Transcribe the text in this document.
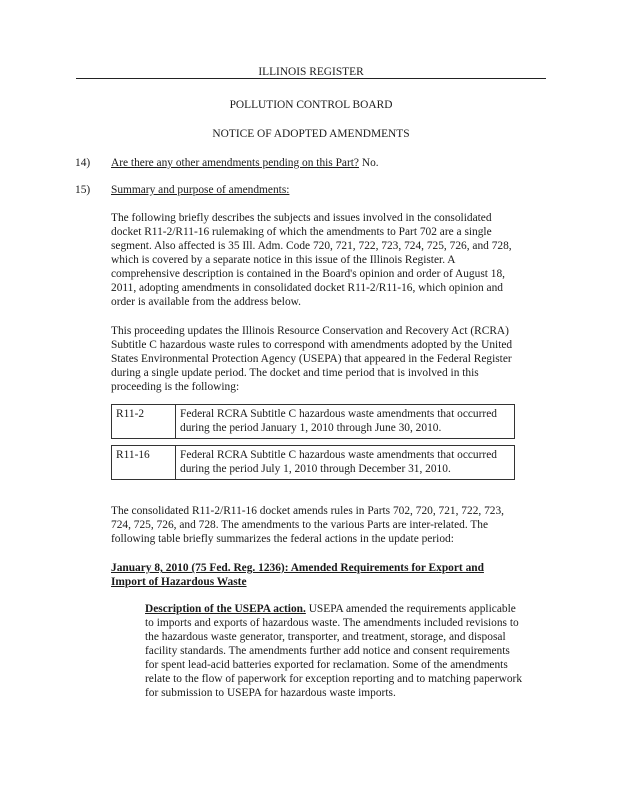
ILLINOIS REGISTER
POLLUTION CONTROL BOARD
NOTICE OF ADOPTED AMENDMENTS
14)	Are there any other amendments pending on this Part? No.
15)	Summary and purpose of amendments:

The following briefly describes the subjects and issues involved in the consolidated docket R11-2/R11-16 rulemaking of which the amendments to Part 702 are a single segment. Also affected is 35 Ill. Adm. Code 720, 721, 722, 723, 724, 725, 726, and 728, which is covered by a separate notice in this issue of the Illinois Register. A comprehensive description is contained in the Board's opinion and order of August 18, 2011, adopting amendments in consolidated docket R11-2/R11-16, which opinion and order is available from the address below.

This proceeding updates the Illinois Resource Conservation and Recovery Act (RCRA) Subtitle C hazardous waste rules to correspond with amendments adopted by the United States Environmental Protection Agency (USEPA) that appeared in the Federal Register during a single update period. The docket and time period that is involved in this proceeding is the following:

R11-2	Federal RCRA Subtitle C hazardous waste amendments that occurred during the period January 1, 2010 through June 30, 2010.
R11-16	Federal RCRA Subtitle C hazardous waste amendments that occurred during the period July 1, 2010 through December 31, 2010.

The consolidated R11-2/R11-16 docket amends rules in Parts 702, 720, 721, 722, 723, 724, 725, 726, and 728. The amendments to the various Parts are inter-related. The following table briefly summarizes the federal actions in the update period:

January 8, 2010 (75 Fed. Reg. 1236): Amended Requirements for Export and Import of Hazardous Waste
Description of the USEPA action. USEPA amended the requirements applicable to imports and exports of hazardous waste. The amendments included revisions to the hazardous waste generator, transporter, and treatment, storage, and disposal facility standards. The amendments further add notice and consent requirements for spent lead-acid batteries exported for reclamation. Some of the amendments relate to the flow of paperwork for exception reporting and to matching paperwork for submission to USEPA for hazardous waste imports.
